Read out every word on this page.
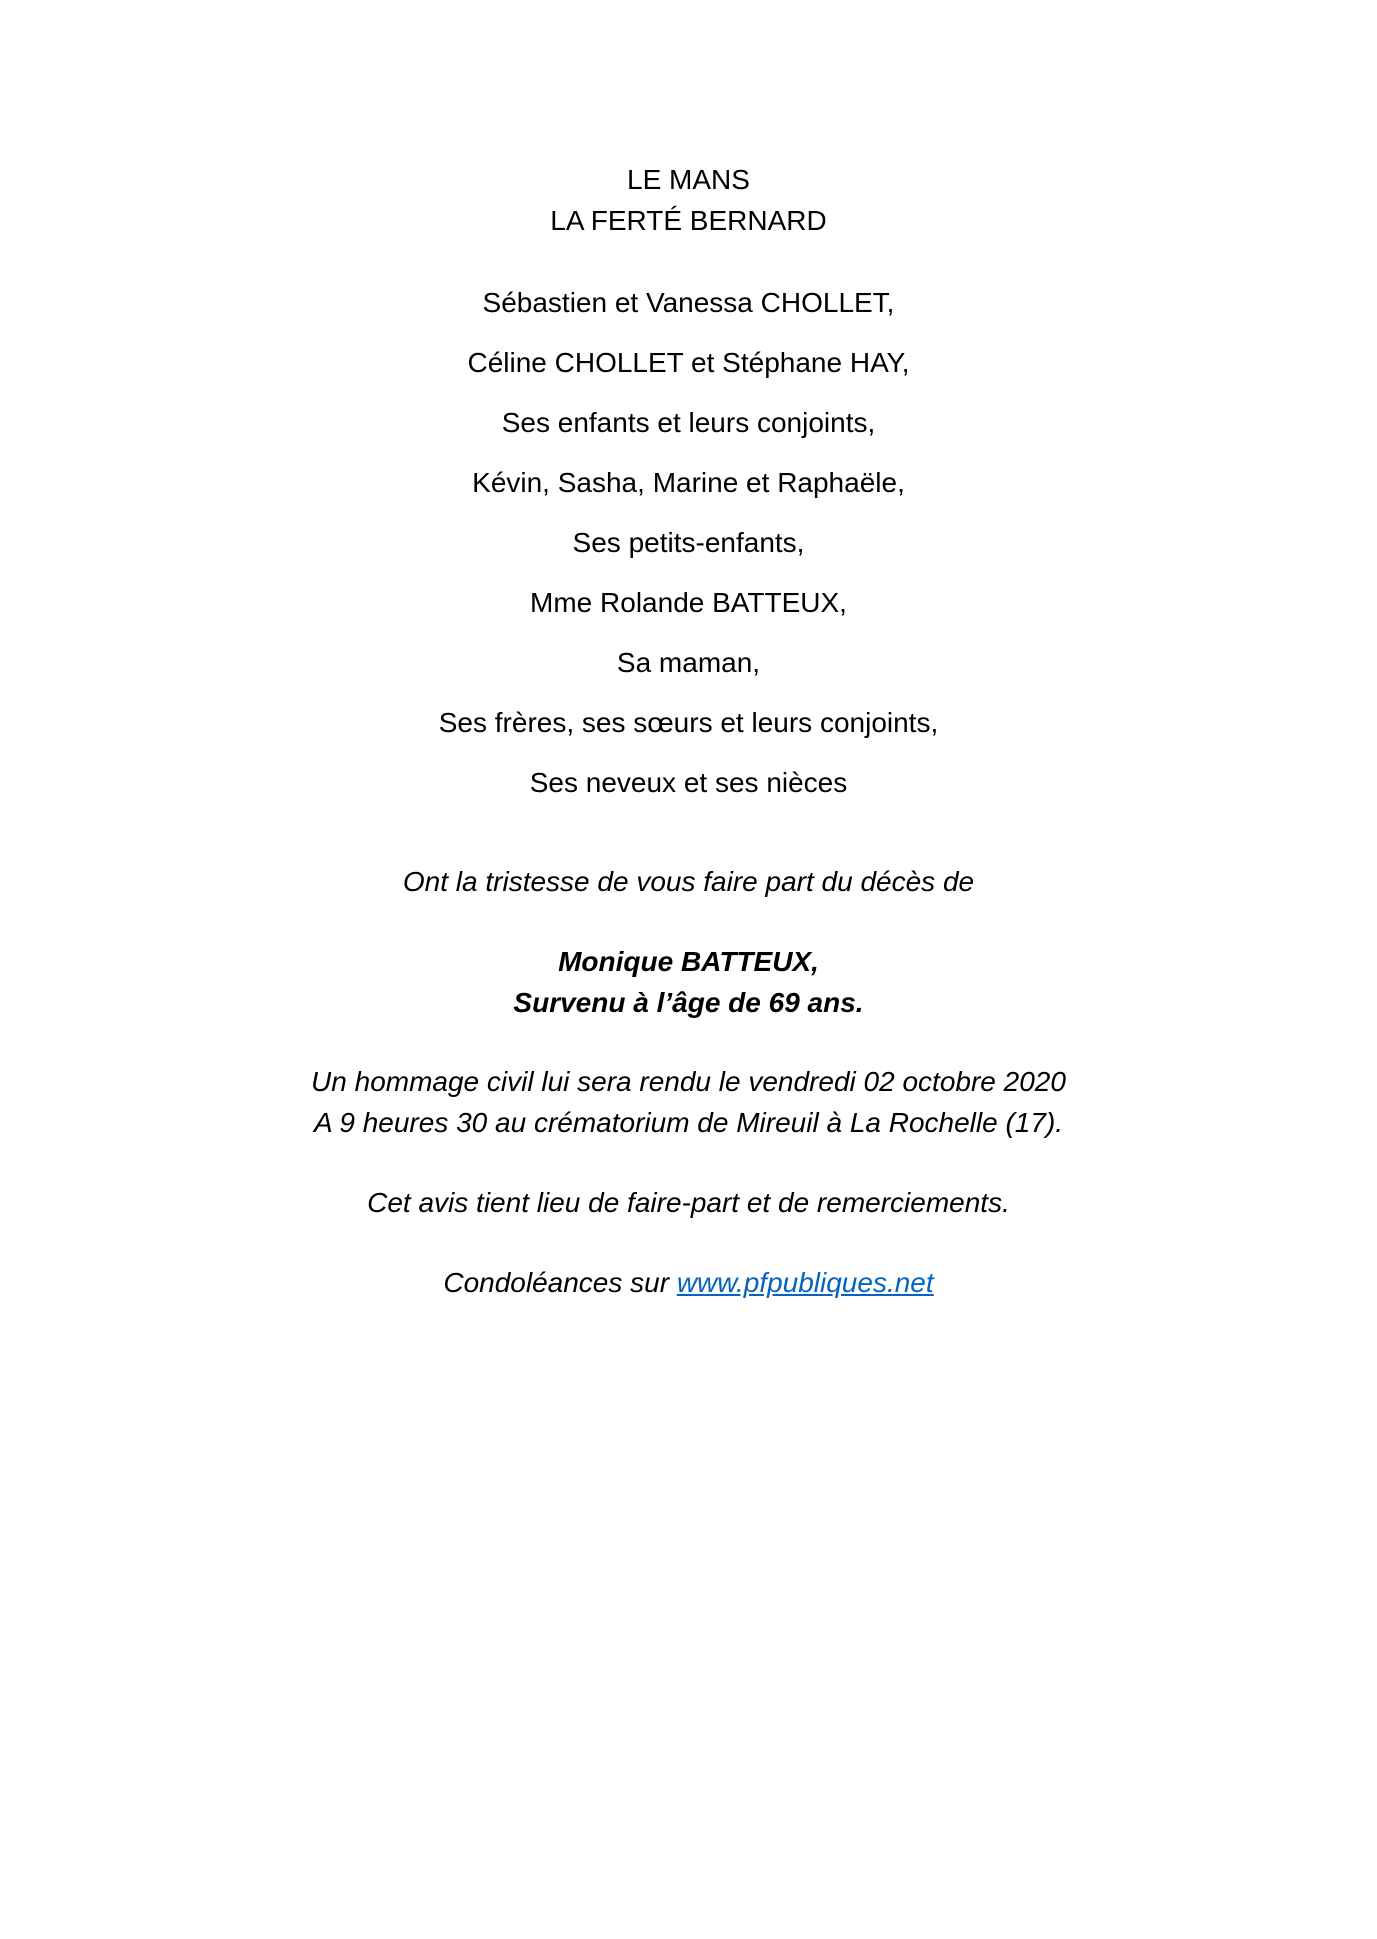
LE MANS
LA FERTÉ BERNARD
Sébastien et Vanessa CHOLLET,
Céline CHOLLET et Stéphane HAY,
Ses enfants et leurs conjoints,
Kévin, Sasha, Marine et Raphaële,
Ses petits-enfants,
Mme Rolande BATTEUX,
Sa maman,
Ses frères, ses sœurs et leurs conjoints,
Ses neveux et ses nièces
Ont la tristesse de vous faire part du décès de
Monique BATTEUX,
Survenu à l’âge de 69 ans.
Un hommage civil lui sera rendu le vendredi 02 octobre 2020
A 9 heures 30 au crématorium de Mireuil à La Rochelle (17).
Cet avis tient lieu de faire-part et de remerciements.
Condoléances sur www.pfpubliques.net
